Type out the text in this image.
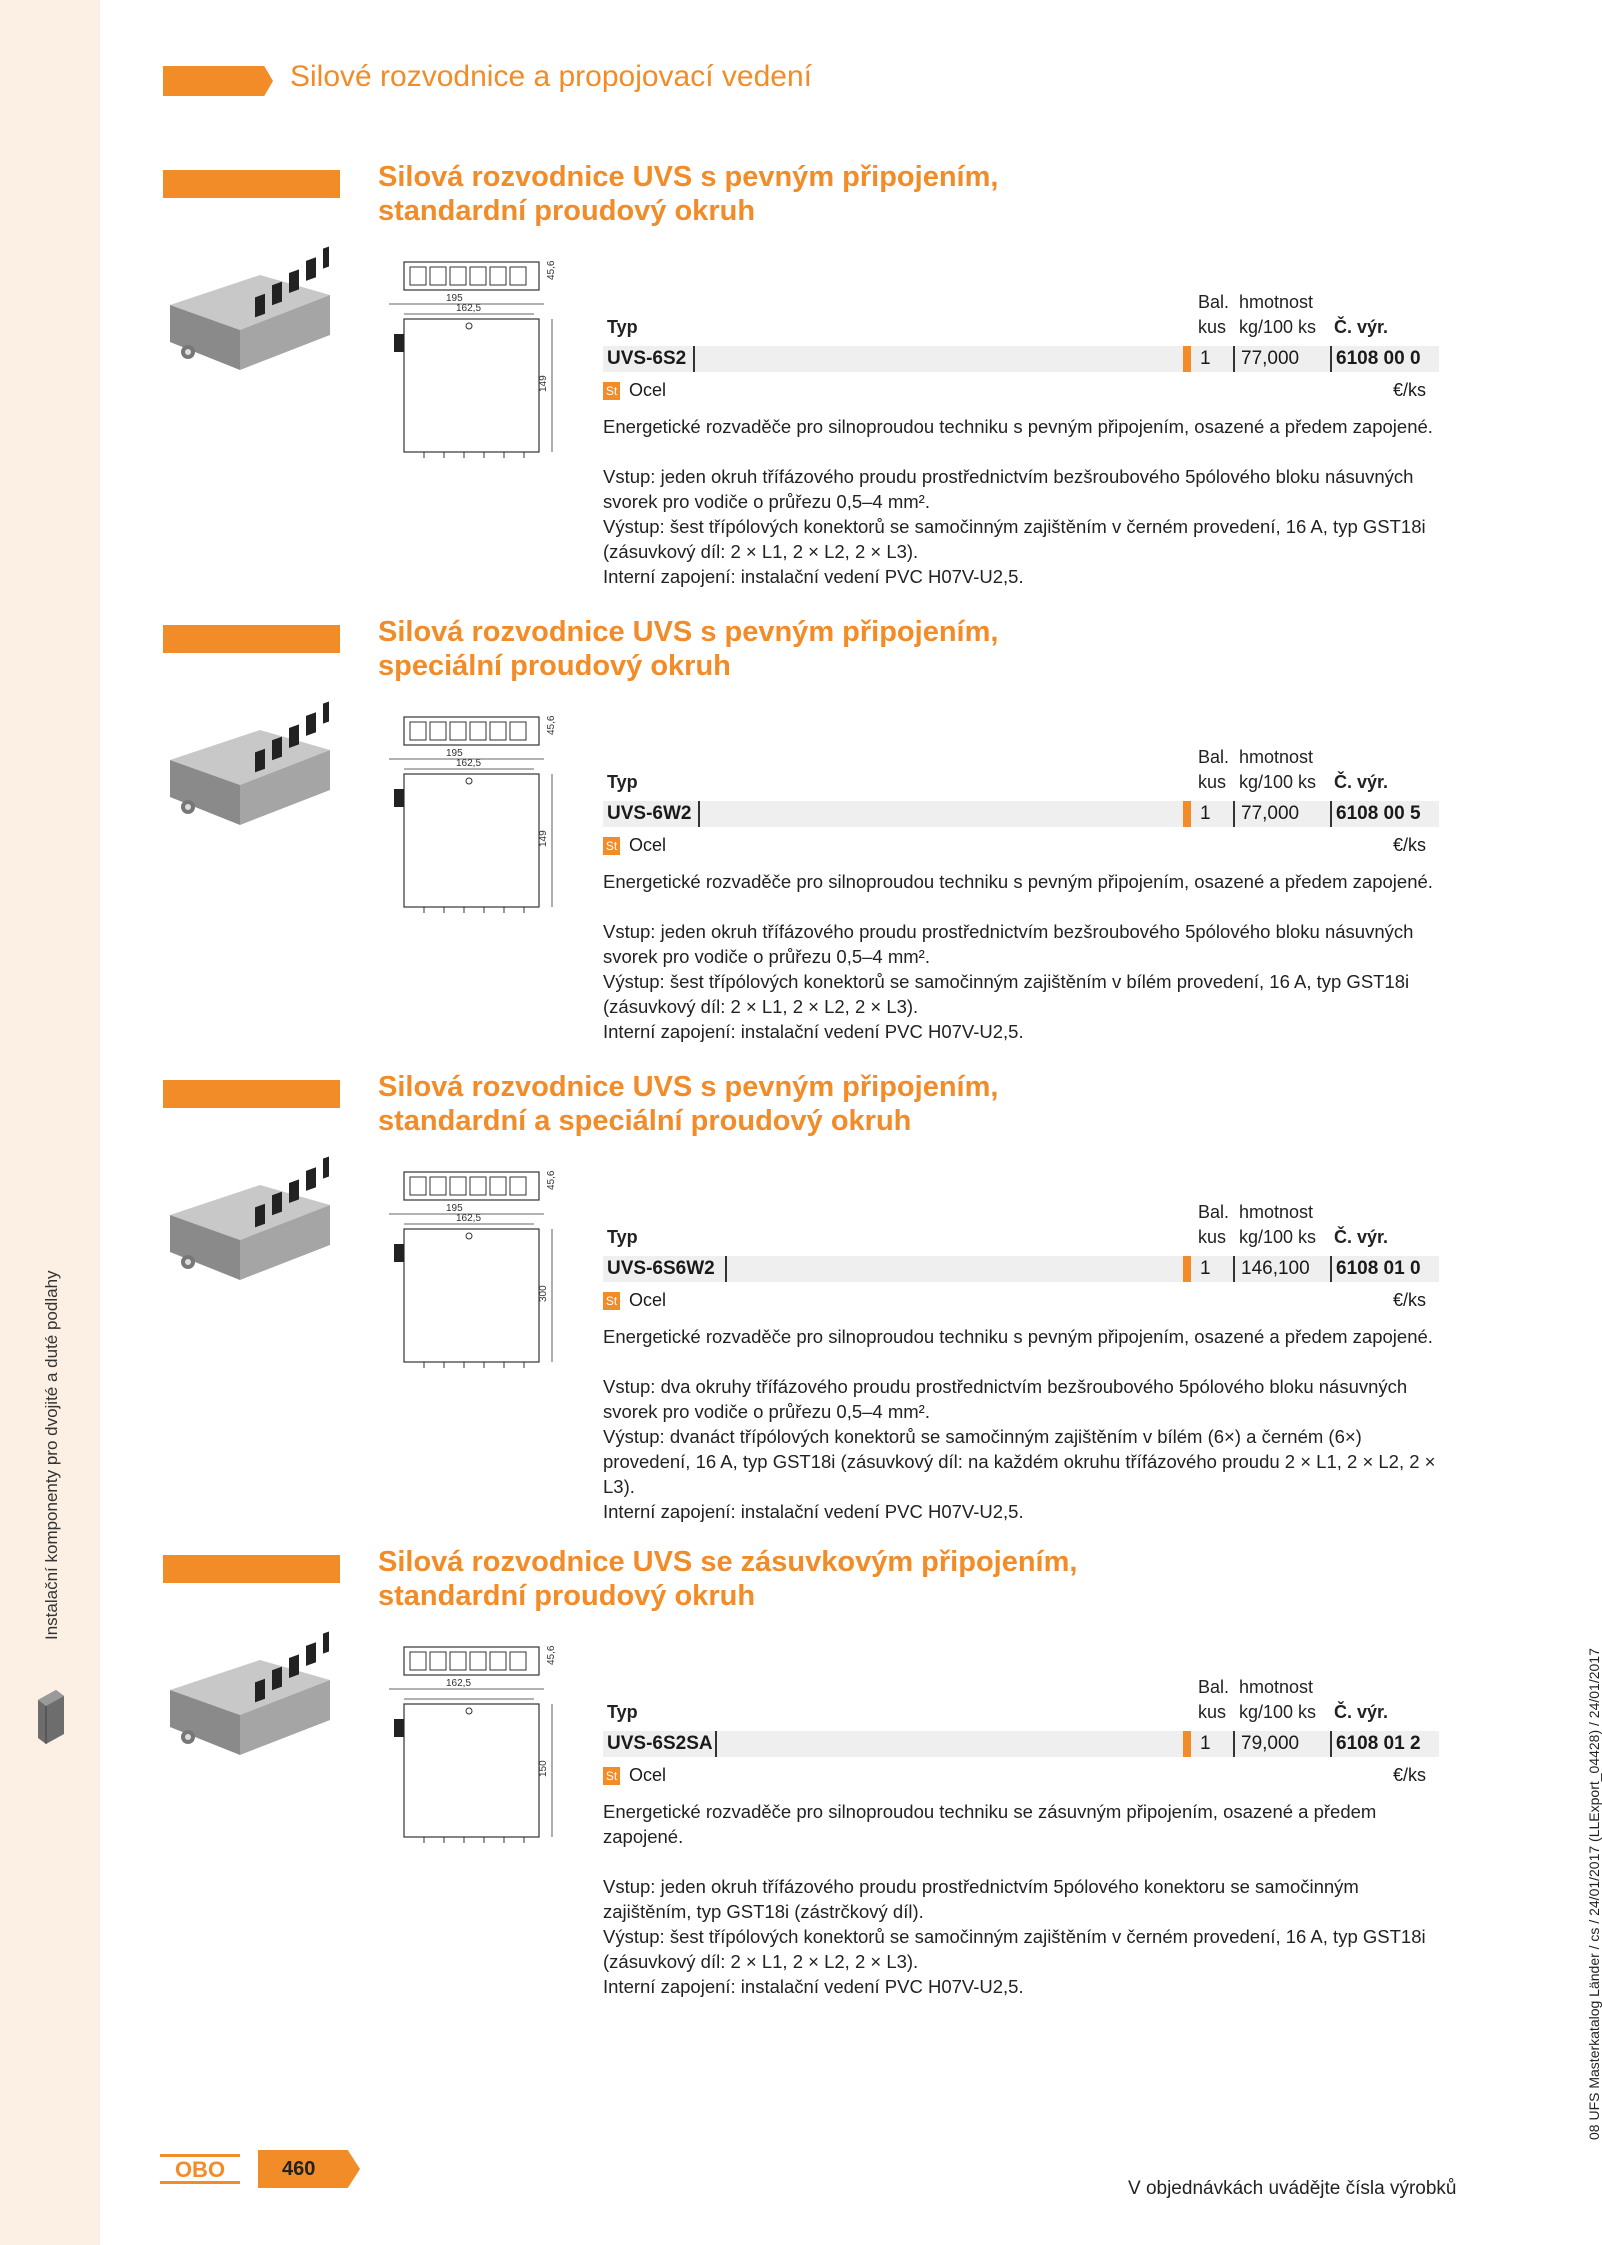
Instalační komponenty pro dvojité a duté podlahy
08 UFS Masterkatalog Länder / cs / 24/01/2017 (LLExport_04428) / 24/01/2017
Silové rozvodnice a propojovací vedení
Silová rozvodnice UVS s pevným připojením,
standardní proudový okruh
45,6
195
162,5
149
Bal. hmotnost
Typ	kus kg/100 ks Č. výr.
UVS-6S2	1 77,000 6108 00 0
St Ocel	€/ks

Energetické rozvaděče pro silnoproudou techniku s pevným připojením, osazené a předem zapojené.

Vstup: jeden okruh třífázového proudu prostřednictvím bezšroubového 5pólového bloku násuvných svorek pro vodiče o průřezu 0,5–4 mm².

Výstup: šest třípólových konektorů se samočinným zajištěním v černém provedení, 16 A, typ GST18i (zásuvkový díl: 2 × L1, 2 × L2, 2 × L3).

Interní zapojení: instalační vedení PVC H07V-U2,5.

Silová rozvodnice UVS s pevným připojením,
speciální proudový okruh
45,6
195
162,5
149
Bal. hmotnost
Typ	kus kg/100 ks Č. výr.
UVS-6W2	1 77,000 6108 00 5
St Ocel	€/ks

Energetické rozvaděče pro silnoproudou techniku s pevným připojením, osazené a předem zapojené.

Vstup: jeden okruh třífázového proudu prostřednictvím bezšroubového 5pólového bloku násuvných svorek pro vodiče o průřezu 0,5–4 mm².

Výstup: šest třípólových konektorů se samočinným zajištěním v bílém provedení, 16 A, typ GST18i (zásuvkový díl: 2 × L1, 2 × L2, 2 × L3).

Interní zapojení: instalační vedení PVC H07V-U2,5.

Silová rozvodnice UVS s pevným připojením,
standardní a speciální proudový okruh
45,6
195
162,5
300
Bal. hmotnost
Typ	kus kg/100 ks Č. výr.
UVS-6S6W2	1 146,100 6108 01 0
St Ocel	€/ks

Energetické rozvaděče pro silnoproudou techniku s pevným připojením, osazené a předem zapojené.

Vstup: dva okruhy třífázového proudu prostřednictvím bezšroubového 5pólového bloku násuvných svorek pro vodiče o průřezu 0,5–4 mm².

Výstup: dvanáct třípólových konektorů se samočinným zajištěním v bílém (6×) a černém (6×) provedení, 16 A, typ GST18i (zásuvkový díl: na každém okruhu třífázového proudu 2 × L1, 2 × L2, 2 × L3).

Interní zapojení: instalační vedení PVC H07V-U2,5.

Silová rozvodnice UVS se zásuvkovým připojením,
standardní proudový okruh
45,6
162,5
150
Bal. hmotnost
Typ	kus kg/100 ks Č. výr.
UVS-6S2SA	1 79,000 6108 01 2
St Ocel	€/ks

Energetické rozvaděče pro silnoproudou techniku se zásuvným připojením, osazené a předem zapojené.

Vstup: jeden okruh třífázového proudu prostřednictvím 5pólového konektoru se samočinným zajištěním, typ GST18i (zástrčkový díl).

Výstup: šest třípólových konektorů se samočinným zajištěním v černém provedení, 16 A, typ GST18i (zásuvkový díl: 2 × L1, 2 × L2, 2 × L3).

Interní zapojení: instalační vedení PVC H07V-U2,5.

OBO	460
V objednávkách uvádějte čísla výrobků
